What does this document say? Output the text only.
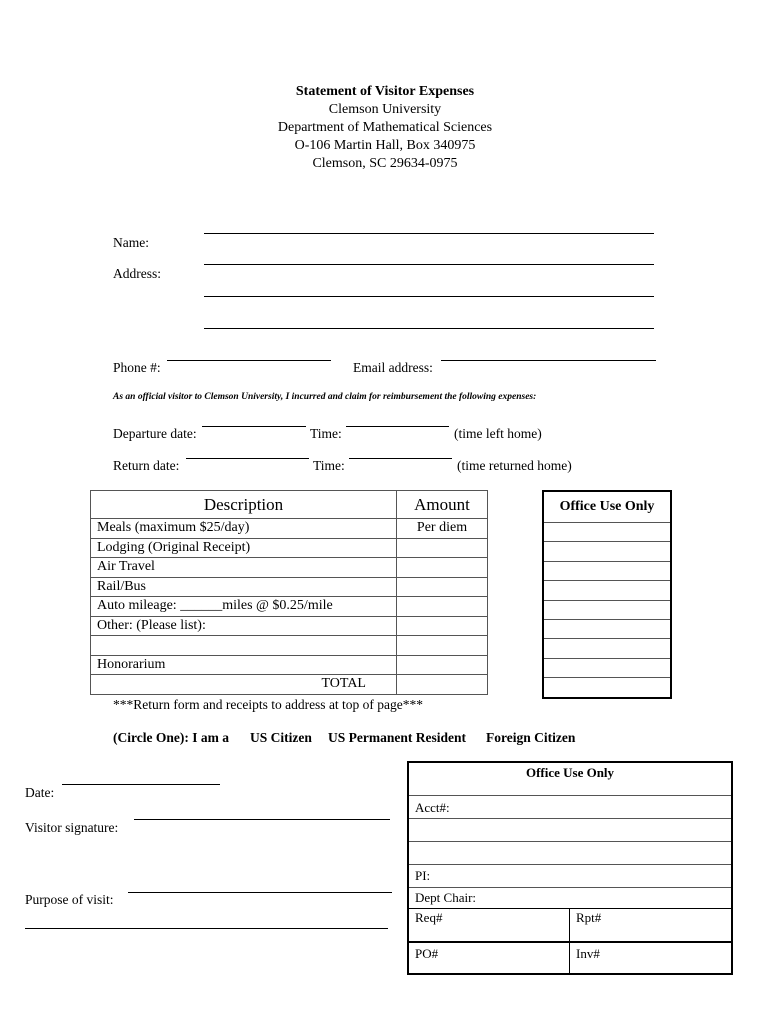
Statement of Visitor Expenses
Clemson University
Department of Mathematical Sciences
O-106 Martin Hall, Box 340975
Clemson, SC 29634-0975
Name:
Address:
Phone #:	Email address:
As an official visitor to Clemson University, I incurred and claim for reimbursement the following expenses:
Departure date:	Time:	(time left home)
Return date:	Time:	(time returned home)
Description	Amount
Meals (maximum $25/day)	Per diem
Lodging (Original Receipt)	
Air Travel	
Rail/Bus	
Auto mileage: ______miles @ $0.25/mile	
Other: (Please list):	

Honorarium	
TOTAL	
Office Use Only
***Return form and receipts to address at top of page***
(Circle One): I am a US Citizen US Permanent Resident Foreign Citizen
Date:
Visitor signature:
Purpose of visit:
Office Use Only
Acct#:
PI:
Dept Chair:
Req#	Rpt#
PO#	Inv#
